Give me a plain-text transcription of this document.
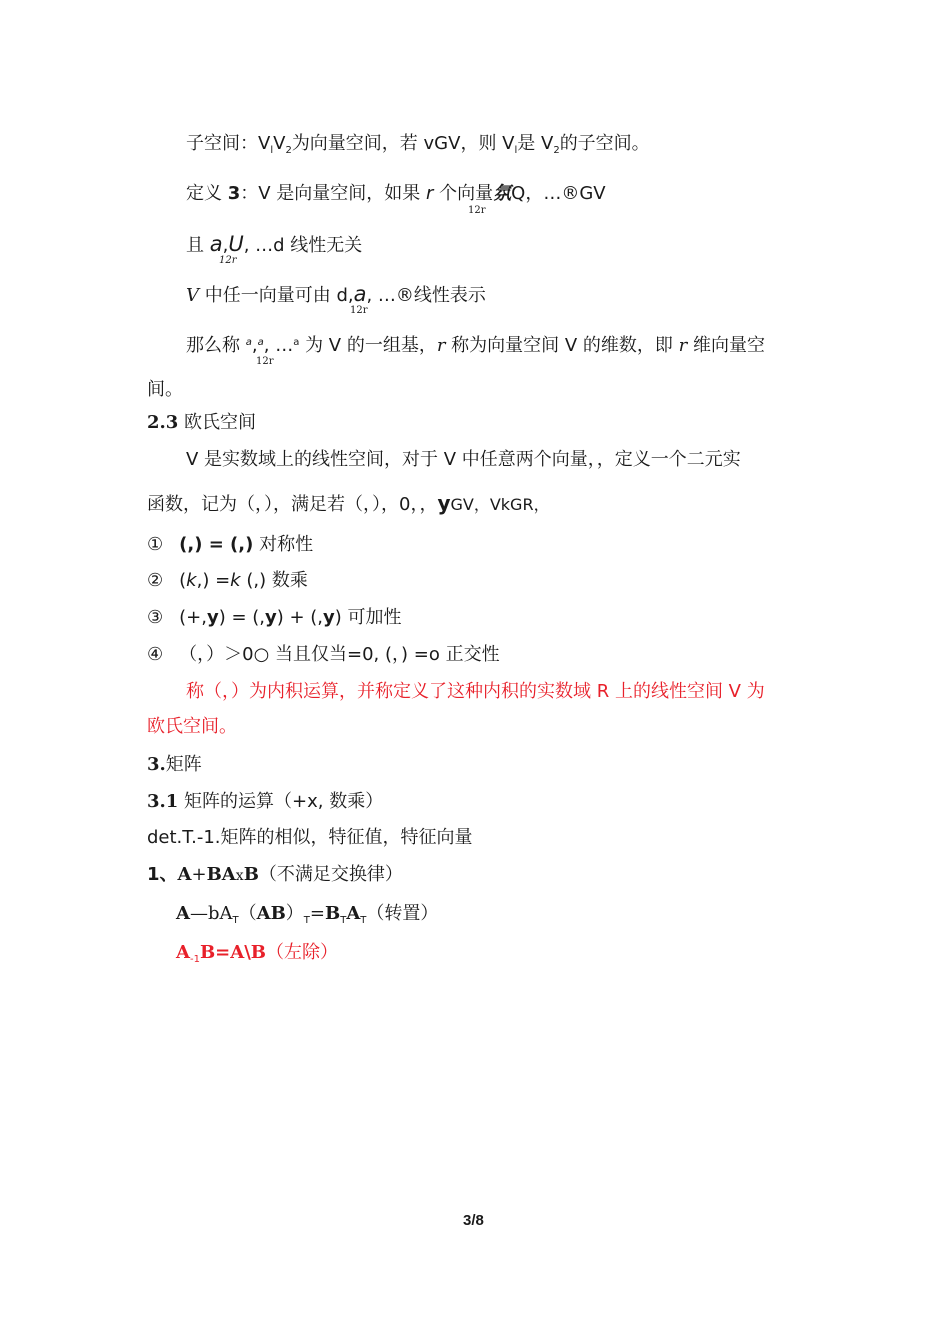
子空间：$V_lV_2$为向量空间，若 vGV，则 $V_l$是 $V_2$的子空间。
定义 3：V 是向量空间，如果 r 个向量氛Q，…®GV
12r
且 a,U, …d 线性无关
12r
V 中任一向量可由 d,a, …®线性表示
12r
那么称 $^a$,$^a$, …$^a$ 为 V 的一组基，r 称为向量空间 V 的维数，即 r 维向量空
12r
间。
2.3 欧氏空间
V 是实数域上的线性空间，对于 V 中任意两个向量，，定义一个二元实
函数，记为（，），满足若（，），0，，yGV，VkGR，
① (,) = (,) 对称性
② (k,) =k (,) 数乘
③ (+,y) = (,y) + (,y) 可加性
④ （，）＞0○ 当且仅当=0, (，) =o 正交性
称（，）为内积运算，并称定义了这种内积的实数域 R 上的线性空间 V 为
欧氏空间。
3.矩阵
3.1 矩阵的运算（+x, 数乘）
det.T.-1.矩阵的相似，特征值，特征向量
1、A+BAxB（不满足交换律）
$A—bA_T(AB)_T=B_TA_T$（转置）
$A_{-1}B=A\backslash B$（左除）
3/8
